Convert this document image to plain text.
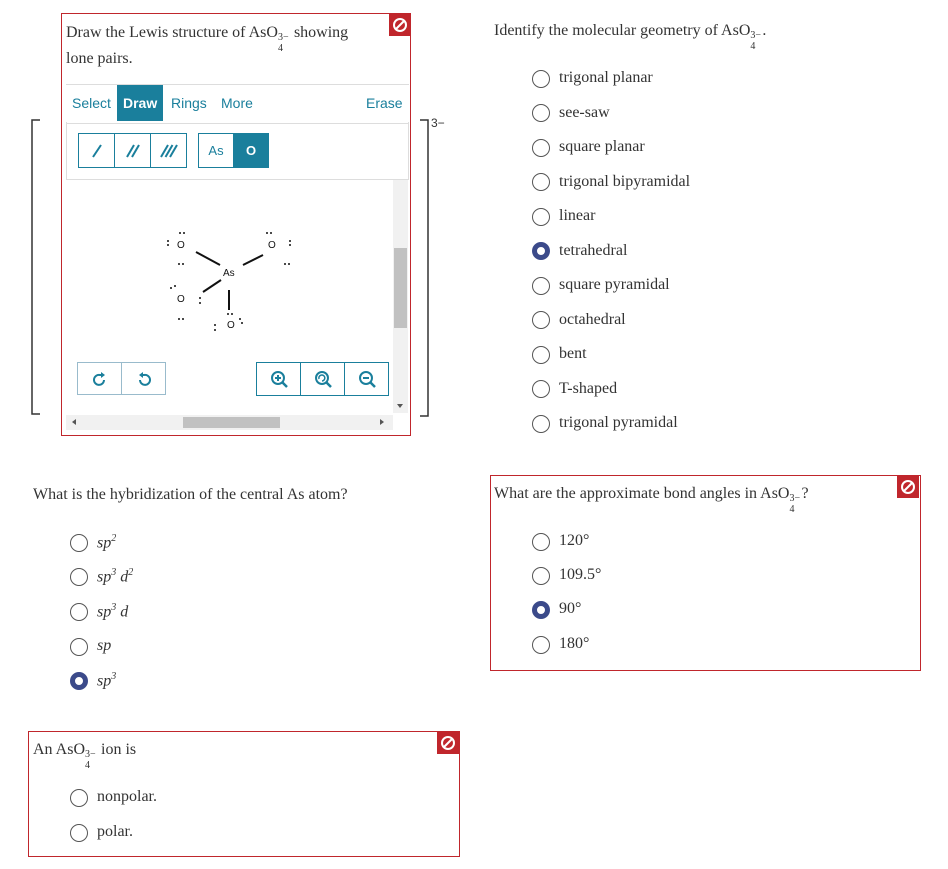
Draw the Lewis structure of AsO 3−
4
showing
lone pairs.
Select Draw Rings More	Erase
As	O
3−
As
O	O
O
O
Identify the molecular geometry of AsO 3−
4
.
trigonal planar
see-saw
square planar
trigonal bipyramidal
linear
tetrahedral
square pyramidal
octahedral
bent
T-shaped
trigonal pyramidal
What is the hybridization of the central As atom?
$sp^2$
$sp^3$ $d^2$
$sp^3$ d
sp
$sp^3$
What are the approximate bond angles in AsO 3−
4
?
120°
109.5°
90°
180°
An AsO 3−
4
ion is
nonpolar.
polar.
